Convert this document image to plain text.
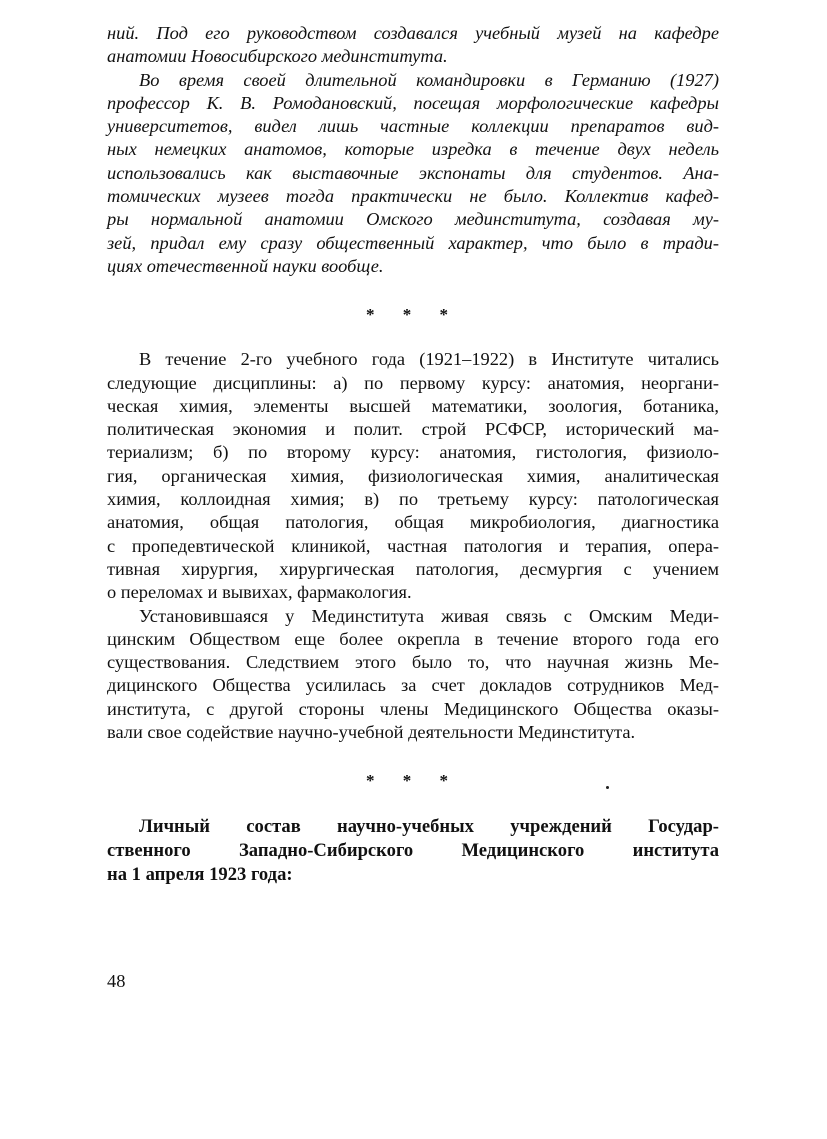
ний. Под его руководством создавался учебный музей на кафедре
анатомии Новосибирского мединститута.
Во время своей длительной командировки в Германию (1927)
профессор К. В. Ромодановский, посещая морфологические кафедры
университетов, видел лишь частные коллекции препаратов вид-
ных немецких анатомов, которые изредка в течение двух недель
использовались как выставочные экспонаты для студентов. Ана-
томических музеев тогда практически не было. Коллектив кафед-
ры нормальной анатомии Омского мединститута, создавая му-
зей, придал ему сразу общественный характер, что было в тради-
циях отечественной науки вообще.
* * *
В течение 2-го учебного года (1921–1922) в Институте читались
следующие дисциплины: а) по первому курсу: анатомия, неоргани-
ческая химия, элементы высшей математики, зоология, ботаника,
политическая экономия и полит. строй РСФСР, исторический ма-
териализм; б) по второму курсу: анатомия, гистология, физиоло-
гия, органическая химия, физиологическая химия, аналитическая
химия, коллоидная химия; в) по третьему курсу: патологическая
анатомия, общая патология, общая микробиология, диагностика
с пропедевтической клиникой, частная патология и терапия, опера-
тивная хирургия, хирургическая патология, десмургия с учением
о переломах и вывихах, фармакология.
Установившаяся у Мединститута живая связь с Омским Меди-
цинским Обществом еще более окрепла в течение второго года его
существования. Следствием этого было то, что научная жизнь Ме-
дицинского Общества усилилась за счет докладов сотрудников Мед-
института, с другой стороны члены Медицинского Общества оказы-
вали свое содействие научно-учебной деятельности Мединститута.
* * *
Личный состав научно-учебных учреждений Государ-
ственного Западно-Сибирского Медицинского института
на 1 апреля 1923 года:
48
